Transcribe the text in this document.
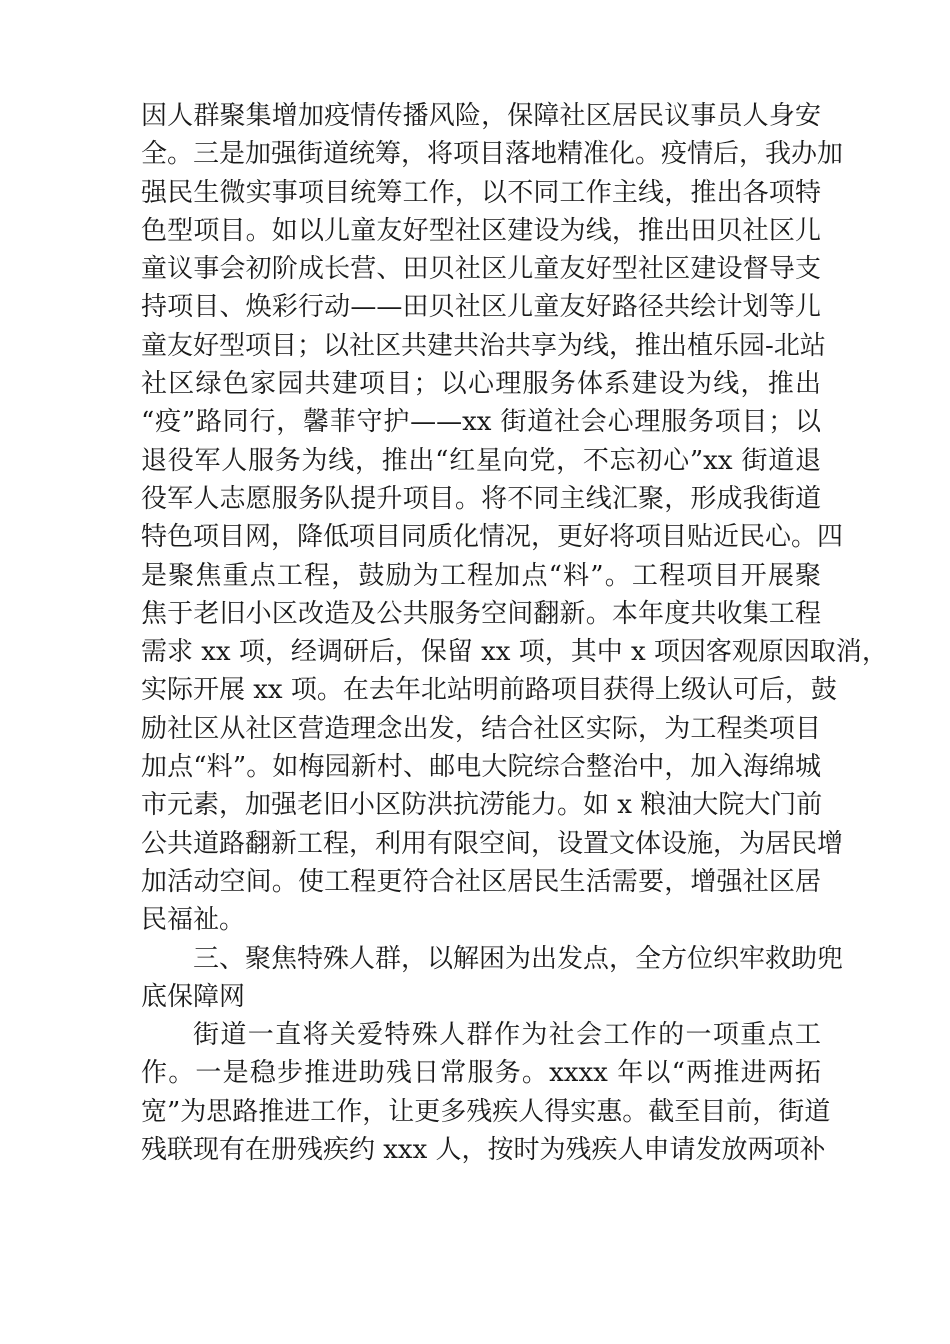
因人群聚集增加疫情传播风险，保障社区居民议事员人身安
全。三是加强街道统筹，将项目落地精准化。疫情后，我办加
强民生微实事项目统筹工作，以不同工作主线，推出各项特
色型项目。如以儿童友好型社区建设为线，推出田贝社区儿
童议事会初阶成长营、田贝社区儿童友好型社区建设督导支
持项目、焕彩行动——田贝社区儿童友好路径共绘计划等儿
童友好型项目；以社区共建共治共享为线，推出植乐园-北站
社区绿色家园共建项目；以心理服务体系建设为线，推出
“疫”路同行，馨菲守护——xx 街道社会心理服务项目；以
退役军人服务为线，推出“红星向党，不忘初心”xx 街道退
役军人志愿服务队提升项目。将不同主线汇聚，形成我街道
特色项目网，降低项目同质化情况，更好将项目贴近民心。四
是聚焦重点工程，鼓励为工程加点“料”。工程项目开展聚
焦于老旧小区改造及公共服务空间翻新。本年度共收集工程
需求 xx 项，经调研后，保留 xx 项，其中 x 项因客观原因取消，
实际开展 xx 项。在去年北站明前路项目获得上级认可后，鼓
励社区从社区营造理念出发，结合社区实际，为工程类项目
加点“料”。如梅园新村、邮电大院综合整治中，加入海绵城
市元素，加强老旧小区防洪抗涝能力。如 x 粮油大院大门前
公共道路翻新工程，利用有限空间，设置文体设施，为居民增
加活动空间。使工程更符合社区居民生活需要，增强社区居
民福祉。
三、聚焦特殊人群，以解困为出发点，全方位织牢救助兜
底保障网
街道一直将关爱特殊人群作为社会工作的一项重点工
作。一是稳步推进助残日常服务。xxxx 年以“两推进两拓
宽”为思路推进工作，让更多残疾人得实惠。截至目前，街道
残联现有在册残疾约 xxx 人，按时为残疾人申请发放两项补
